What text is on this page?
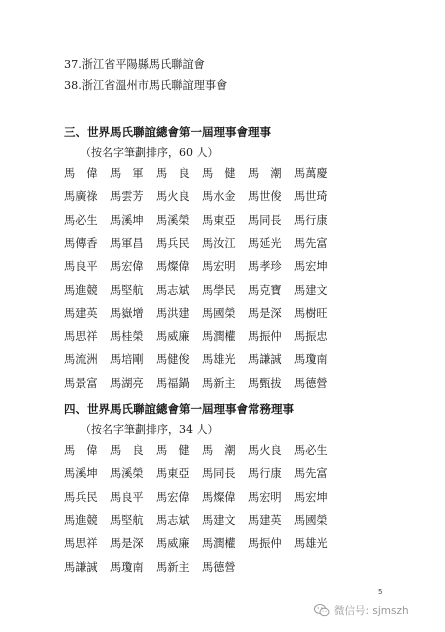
37.浙江省平陽縣馬氏聯誼會
38.浙江省溫州市馬氏聯誼理事會
三、世界馬氏聯誼總會第一屆理事會理事
（按名字筆劃排序，60 人）
馬　偉	馬　軍	馬　良	馬　健	馬　潮	馬萬慶
馬廣祿	馬雲芳	馬火良	馬水金	馬世俊	馬世琦
馬必生	馬溪坤	馬溪榮	馬東亞	馬同長	馬行康
馬傳香	馬軍昌	馬兵民	馬汝江	馬延光	馬先富
馬良平	馬宏偉	馬燦偉	馬宏明	馬孝珍	馬宏坤
馬進競	馬堅航	馬志斌	馬學民	馬克寶	馬建文
馬建英	馬嶽增	馬洪建	馬國榮	馬是深	馬樹旺
馬思祥	馬桂榮	馬威廉	馬潤權	馬振仲	馬振忠
馬流洲	馬培剛	馬健俊	馬雄光	馬謙誠	馬瓊南
馬景富	馬湖亮	馬福鍋	馬新主	馬甄拔	馬德營
四、世界馬氏聯誼總會第一屆理事會常務理事
（按名字筆劃排序，34 人）
馬　偉	馬　良	馬　健	馬　潮	馬火良	馬必生
馬溪坤	馬溪榮	馬東亞	馬同長	馬行康	馬先富
馬兵民	馬良平	馬宏偉	馬燦偉	馬宏明	馬宏坤
馬進競	馬堅航	馬志斌	馬建文	馬建英	馬國榮
馬思祥	馬是深	馬威廉	馬潤權	馬振仲	馬雄光
馬謙誠	馬瓊南	馬新主	馬德營
5
微信号: sjmszh
